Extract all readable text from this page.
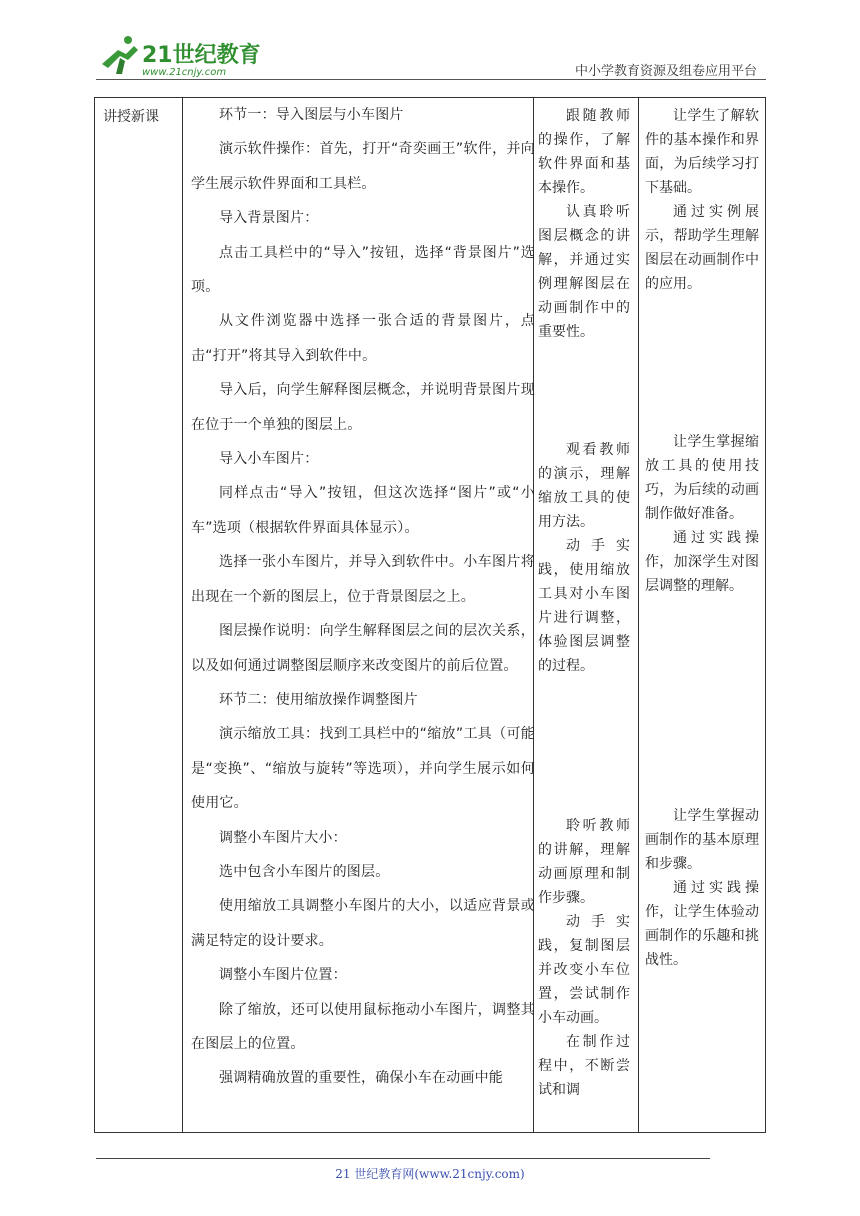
21世纪教育
www.21cnjy.com	中小学教育资源及组卷应用平台
讲授新课	环节一：导入图层与小车图片

演示软件操作：首先，打开“奇奕画王”软件，并向学生展示软件界面和工具栏。

导入背景图片：

点击工具栏中的“导入”按钮，选择“背景图片”选项。

从文件浏览器中选择一张合适的背景图片，点击“打开”将其导入到软件中。

导入后，向学生解释图层概念，并说明背景图片现在位于一个单独的图层上。

导入小车图片：

同样点击“导入”按钮，但这次选择“图片”或“小车”选项（根据软件界面具体显示）。

选择一张小车图片，并导入到软件中。小车图片将出现在一个新的图层上，位于背景图层之上。

图层操作说明：向学生解释图层之间的层次关系，以及如何通过调整图层顺序来改变图片的前后位置。

环节二：使用缩放操作调整图片

演示缩放工具：找到工具栏中的“缩放”工具（可能是“变换”、“缩放与旋转”等选项），并向学生展示如何使用它。

调整小车图片大小：

选中包含小车图片的图层。

使用缩放工具调整小车图片的大小，以适应背景或满足特定的设计要求。

调整小车图片位置：

除了缩放，还可以使用鼠标拖动小车图片，调整其在图层上的位置。

强调精确放置的重要性，确保小车在动画中能

跟随教师的操作，了解软件界面和基本操作。

认真聆听图层概念的讲解，并通过实例理解图层在动画制作中的重要性。

观看教师的演示，理解缩放工具的使用方法。

动手实践，使用缩放工具对小车图片进行调整，体验图层调整的过程。

聆听教师的讲解，理解动画原理和制作步骤。

动手实践，复制图层并改变小车位置，尝试制作小车动画。

在制作过程中，不断尝试和调

让学生了解软件的基本操作和界面，为后续学习打下基础。

通过实例展示，帮助学生理解图层在动画制作中的应用。

让学生掌握缩放工具的使用技巧，为后续的动画制作做好准备。

通过实践操作，加深学生对图层调整的理解。

让学生掌握动画制作的基本原理和步骤。

通过实践操作，让学生体验动画制作的乐趣和挑战性。

21 世纪教育网(www.21cnjy.com)
